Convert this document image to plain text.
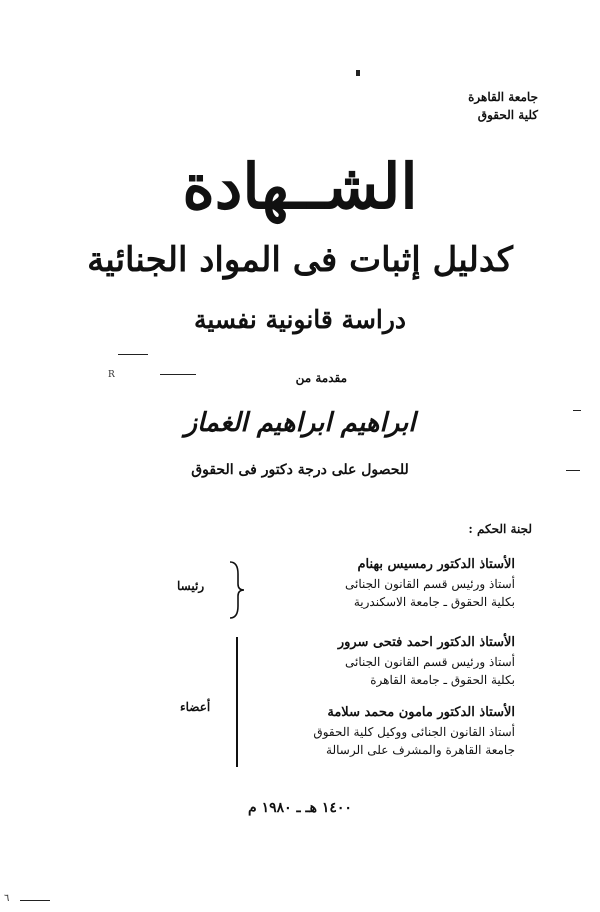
جامعة القاهرة
كلية الحقوق
الشــهادة
كدليل إثبات فى المواد الجنائية
دراسة قانونية نفسية
R	مقدمة من
ابراهيم ابراهيم الغماز
للحصول على درجة دكتور فى الحقوق
لجنة الحكم :
الأستاذ الدكتور رمسيس بهنام
أستاذ ورئيس قسم القانون الجنائى
بكلية الحقوق ـ جامعة الاسكندرية
رئيسا
الأستاذ الدكتور احمد فتحى سرور
أستاذ ورئيس قسم القانون الجنائى
بكلية الحقوق ـ جامعة القاهرة
الأستاذ الدكتور مامون محمد سلامة
أستاذ القانون الجنائى ووكيل كلية الحقوق
جامعة القاهرة والمشرف على الرسالة
أعضاء
١٤٠٠ هـ ـ ١٩٨٠ م
٦
